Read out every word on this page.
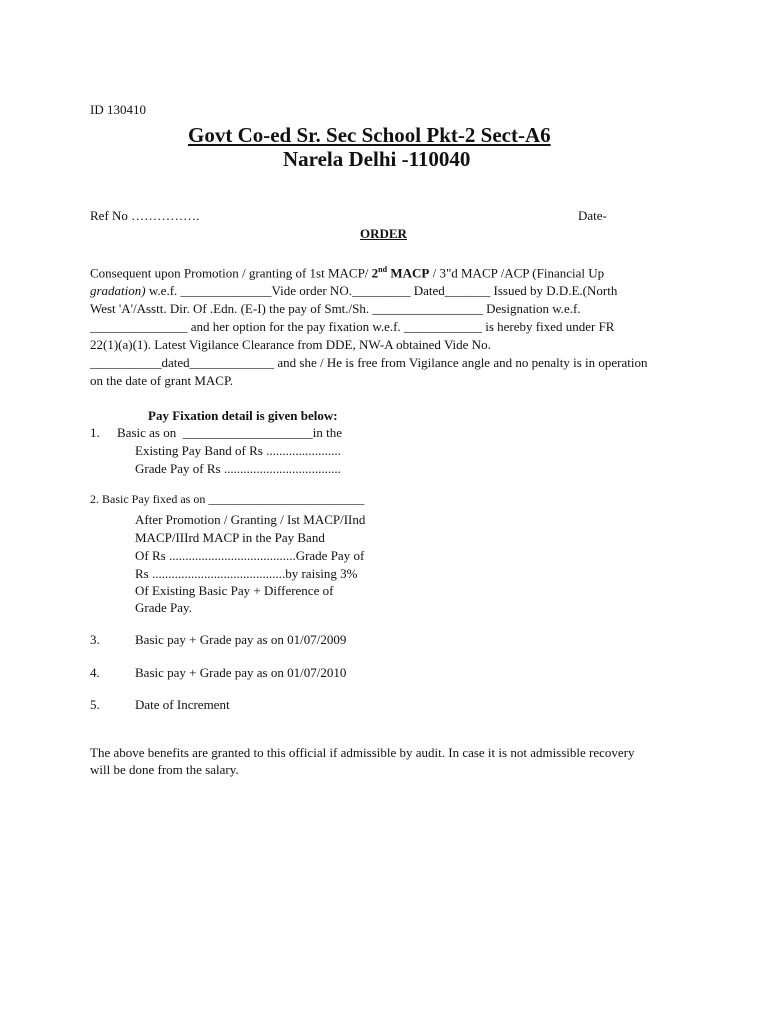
ID 130410
Govt Co-ed Sr. Sec School Pkt-2 Sect-A6
Narela Delhi -110040
Ref No …………….	Date-
ORDER
Consequent upon Promotion / granting of 1st MACP/ 2nd MACP / 3"d MACP /ACP (Financial Up
gradation) w.e.f. ______________Vide order NO._________ Dated_______ Issued by D.D.E.(North
West 'A'/Asstt. Dir. Of .Edn. (E-I) the pay of Smt./Sh. _________________ Designation w.e.f.
_______________ and her option for the pay fixation w.e.f. ____________ is hereby fixed under FR
22(1)(a)(1). Latest Vigilance Clearance from DDE, NW-A obtained Vide No.
___________dated_____________ and she / He is free from Vigilance angle and no penalty is in operation
on the date of grant MACP.
Pay Fixation detail is given below:
1. Basic as on ____________________in the
Existing Pay Band of Rs .......................
Grade Pay of Rs ....................................
2. Basic Pay fixed as on __________________________
After Promotion / Granting / Ist MACP/IInd
MACP/IIIrd MACP in the Pay Band
Of Rs .......................................Grade Pay of
Rs .........................................by raising 3%
Of Existing Basic Pay + Difference of
Grade Pay.
3.	Basic pay + Grade pay as on 01/07/2009
4.	Basic pay + Grade pay as on 01/07/2010
5.	Date of Increment
The above benefits are granted to this official if admissible by audit. In case it is not admissible recovery
will be done from the salary.
